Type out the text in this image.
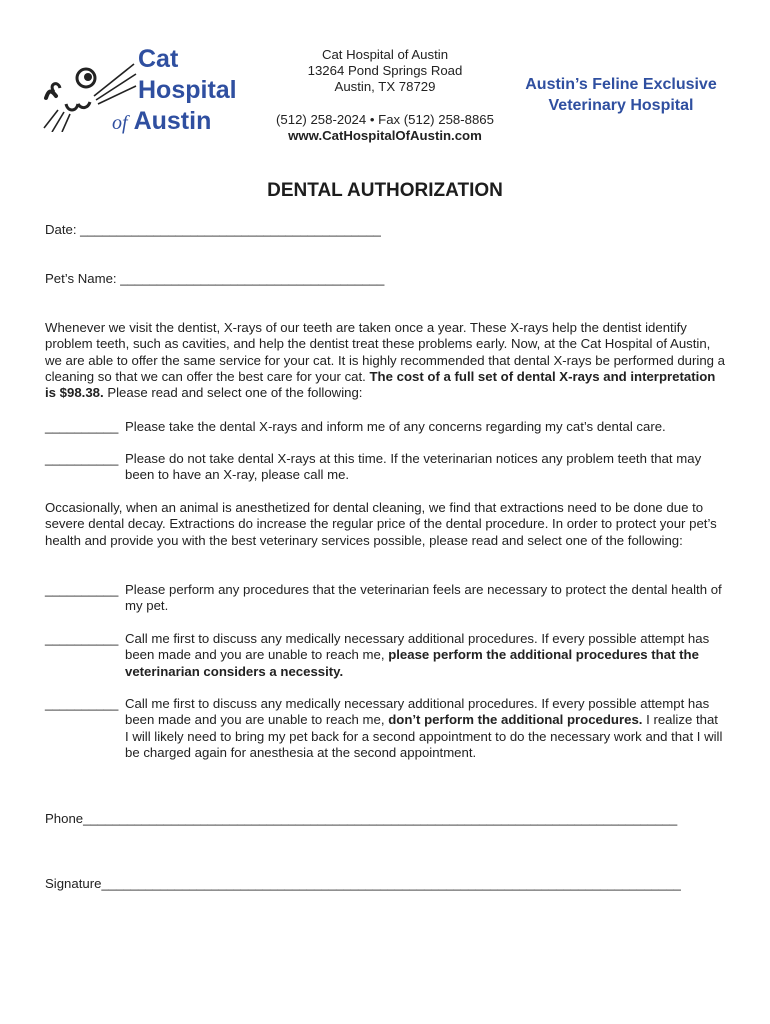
Cat
Hospital
of Austin
Cat Hospital of Austin
13264 Pond Springs Road
Austin, TX 78729
(512) 258-2024 • Fax (512) 258-8865
www.CatHospitalOfAustin.com
Austin’s Feline Exclusive
Veterinary Hospital
DENTAL AUTHORIZATION
Date: _________________________________________
Pet’s Name: ____________________________________
Whenever we visit the dentist, X-rays of our teeth are taken once a year. These X-rays help the dentist identify problem teeth, such as cavities, and help the dentist treat these problems early. Now, at the Cat Hospital of Austin, we are able to offer the same service for your cat. It is highly recommended that dental X-rays be performed during a cleaning so that we can offer the best care for your cat. The cost of a full set of dental X-rays and interpretation is $98.38. Please read and select one of the following:
__________ Please take the dental X-rays and inform me of any concerns regarding my cat’s dental care.
__________ Please do not take dental X-rays at this time. If the veterinarian notices any problem teeth that may been to have an X-ray, please call me.
Occasionally, when an animal is anesthetized for dental cleaning, we find that extractions need to be done due to severe dental decay. Extractions do increase the regular price of the dental procedure. In order to protect your pet’s health and provide you with the best veterinary services possible, please read and select one of the following:
__________ Please perform any procedures that the veterinarian feels are necessary to protect the dental health of my pet.
__________ Call me first to discuss any medically necessary additional procedures. If every possible attempt has been made and you are unable to reach me, please perform the additional procedures that the veterinarian considers a necessity.
__________ Call me first to discuss any medically necessary additional procedures. If every possible attempt has been made and you are unable to reach me, don’t perform the additional procedures. I realize that I will likely need to bring my pet back for a second appointment to do the necessary work and that I will be charged again for anesthesia at the second appointment.
Phone_________________________________________________________________________________
Signature_______________________________________________________________________________
